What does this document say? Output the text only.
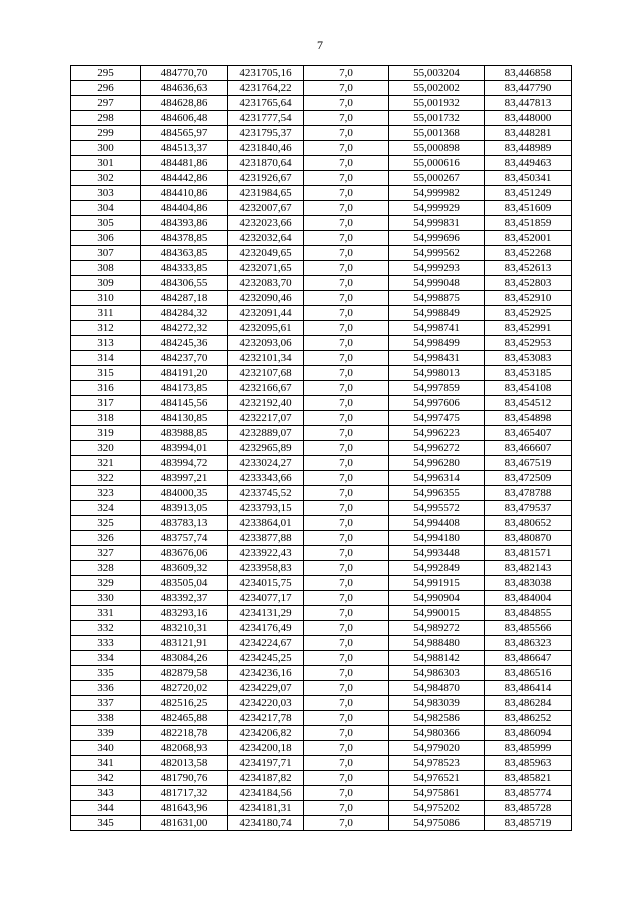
7
295	484770,70	4231705,16	7,0	55,003204	83,446858
296	484636,63	4231764,22	7,0	55,002002	83,447790
297	484628,86	4231765,64	7,0	55,001932	83,447813
298	484606,48	4231777,54	7,0	55,001732	83,448000
299	484565,97	4231795,37	7,0	55,001368	83,448281
300	484513,37	4231840,46	7,0	55,000898	83,448989
301	484481,86	4231870,64	7,0	55,000616	83,449463
302	484442,86	4231926,67	7,0	55,000267	83,450341
303	484410,86	4231984,65	7,0	54,999982	83,451249
304	484404,86	4232007,67	7,0	54,999929	83,451609
305	484393,86	4232023,66	7,0	54,999831	83,451859
306	484378,85	4232032,64	7,0	54,999696	83,452001
307	484363,85	4232049,65	7,0	54,999562	83,452268
308	484333,85	4232071,65	7,0	54,999293	83,452613
309	484306,55	4232083,70	7,0	54,999048	83,452803
310	484287,18	4232090,46	7,0	54,998875	83,452910
311	484284,32	4232091,44	7,0	54,998849	83,452925
312	484272,32	4232095,61	7,0	54,998741	83,452991
313	484245,36	4232093,06	7,0	54,998499	83,452953
314	484237,70	4232101,34	7,0	54,998431	83,453083
315	484191,20	4232107,68	7,0	54,998013	83,453185
316	484173,85	4232166,67	7,0	54,997859	83,454108
317	484145,56	4232192,40	7,0	54,997606	83,454512
318	484130,85	4232217,07	7,0	54,997475	83,454898
319	483988,85	4232889,07	7,0	54,996223	83,465407
320	483994,01	4232965,89	7,0	54,996272	83,466607
321	483994,72	4233024,27	7,0	54,996280	83,467519
322	483997,21	4233343,66	7,0	54,996314	83,472509
323	484000,35	4233745,52	7,0	54,996355	83,478788
324	483913,05	4233793,15	7,0	54,995572	83,479537
325	483783,13	4233864,01	7,0	54,994408	83,480652
326	483757,74	4233877,88	7,0	54,994180	83,480870
327	483676,06	4233922,43	7,0	54,993448	83,481571
328	483609,32	4233958,83	7,0	54,992849	83,482143
329	483505,04	4234015,75	7,0	54,991915	83,483038
330	483392,37	4234077,17	7,0	54,990904	83,484004
331	483293,16	4234131,29	7,0	54,990015	83,484855
332	483210,31	4234176,49	7,0	54,989272	83,485566
333	483121,91	4234224,67	7,0	54,988480	83,486323
334	483084,26	4234245,25	7,0	54,988142	83,486647
335	482879,58	4234236,16	7,0	54,986303	83,486516
336	482720,02	4234229,07	7,0	54,984870	83,486414
337	482516,25	4234220,03	7,0	54,983039	83,486284
338	482465,88	4234217,78	7,0	54,982586	83,486252
339	482218,78	4234206,82	7,0	54,980366	83,486094
340	482068,93	4234200,18	7,0	54,979020	83,485999
341	482013,58	4234197,71	7,0	54,978523	83,485963
342	481790,76	4234187,82	7,0	54,976521	83,485821
343	481717,32	4234184,56	7,0	54,975861	83,485774
344	481643,96	4234181,31	7,0	54,975202	83,485728
345	481631,00	4234180,74	7,0	54,975086	83,485719
